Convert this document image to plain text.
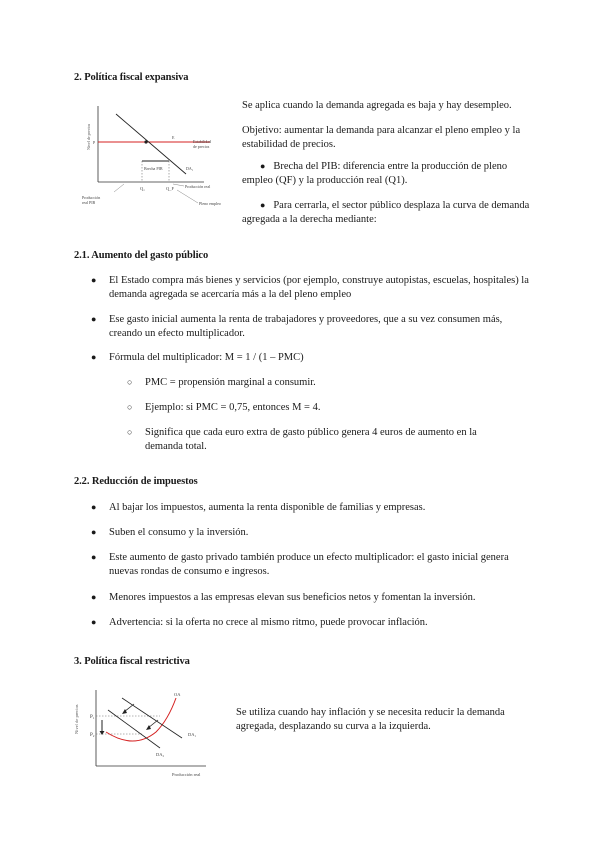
2. Política fiscal expansiva
Nivel de precios P
E
Estabilidad
de precios
DA₁
Brecha PIB
Q₁	Q_F	Producción real
Pleno empleo
Producción
real PIB
Se aplica cuando la demanda agregada es baja y hay desempleo.
Objetivo: aumentar la demanda para alcanzar el pleno empleo y la estabilidad de precios.
● Brecha del PIB: diferencia entre la producción de pleno empleo (QF) y la producción real (Q1).
● Para cerrarla, el sector público desplaza la curva de demanda agregada a la derecha mediante:
2.1. Aumento del gasto público
● El Estado compra más bienes y servicios (por ejemplo, construye autopistas, escuelas, hospitales) la demanda agregada se acercaría más a la del pleno empleo
● Ese gasto inicial aumenta la renta de trabajadores y proveedores, que a su vez consumen más, creando un efecto multiplicador.
● Fórmula del multiplicador: M = 1 / (1 – PMC)
○ PMC = propensión marginal a consumir.
○ Ejemplo: si PMC = 0,75, entonces M = 4.
○ Significa que cada euro extra de gasto público genera 4 euros de aumento en la demanda total.
2.2. Reducción de impuestos
● Al bajar los impuestos, aumenta la renta disponible de familias y empresas.
● Suben el consumo y la inversión.
● Este aumento de gasto privado también produce un efecto multiplicador: el gasto inicial genera nuevas rondas de consumo e ingresos.
● Menores impuestos a las empresas elevan sus beneficios netos y fomentan la inversión.
● Advertencia: si la oferta no crece al mismo ritmo, puede provocar inflación.
3. Política fiscal restrictiva
Nivel de precios P₁
P₂
OA
DA₁
DA₂
Producción real
Se utiliza cuando hay inflación y se necesita reducir la demanda agregada, desplazando su curva a la izquierda.
